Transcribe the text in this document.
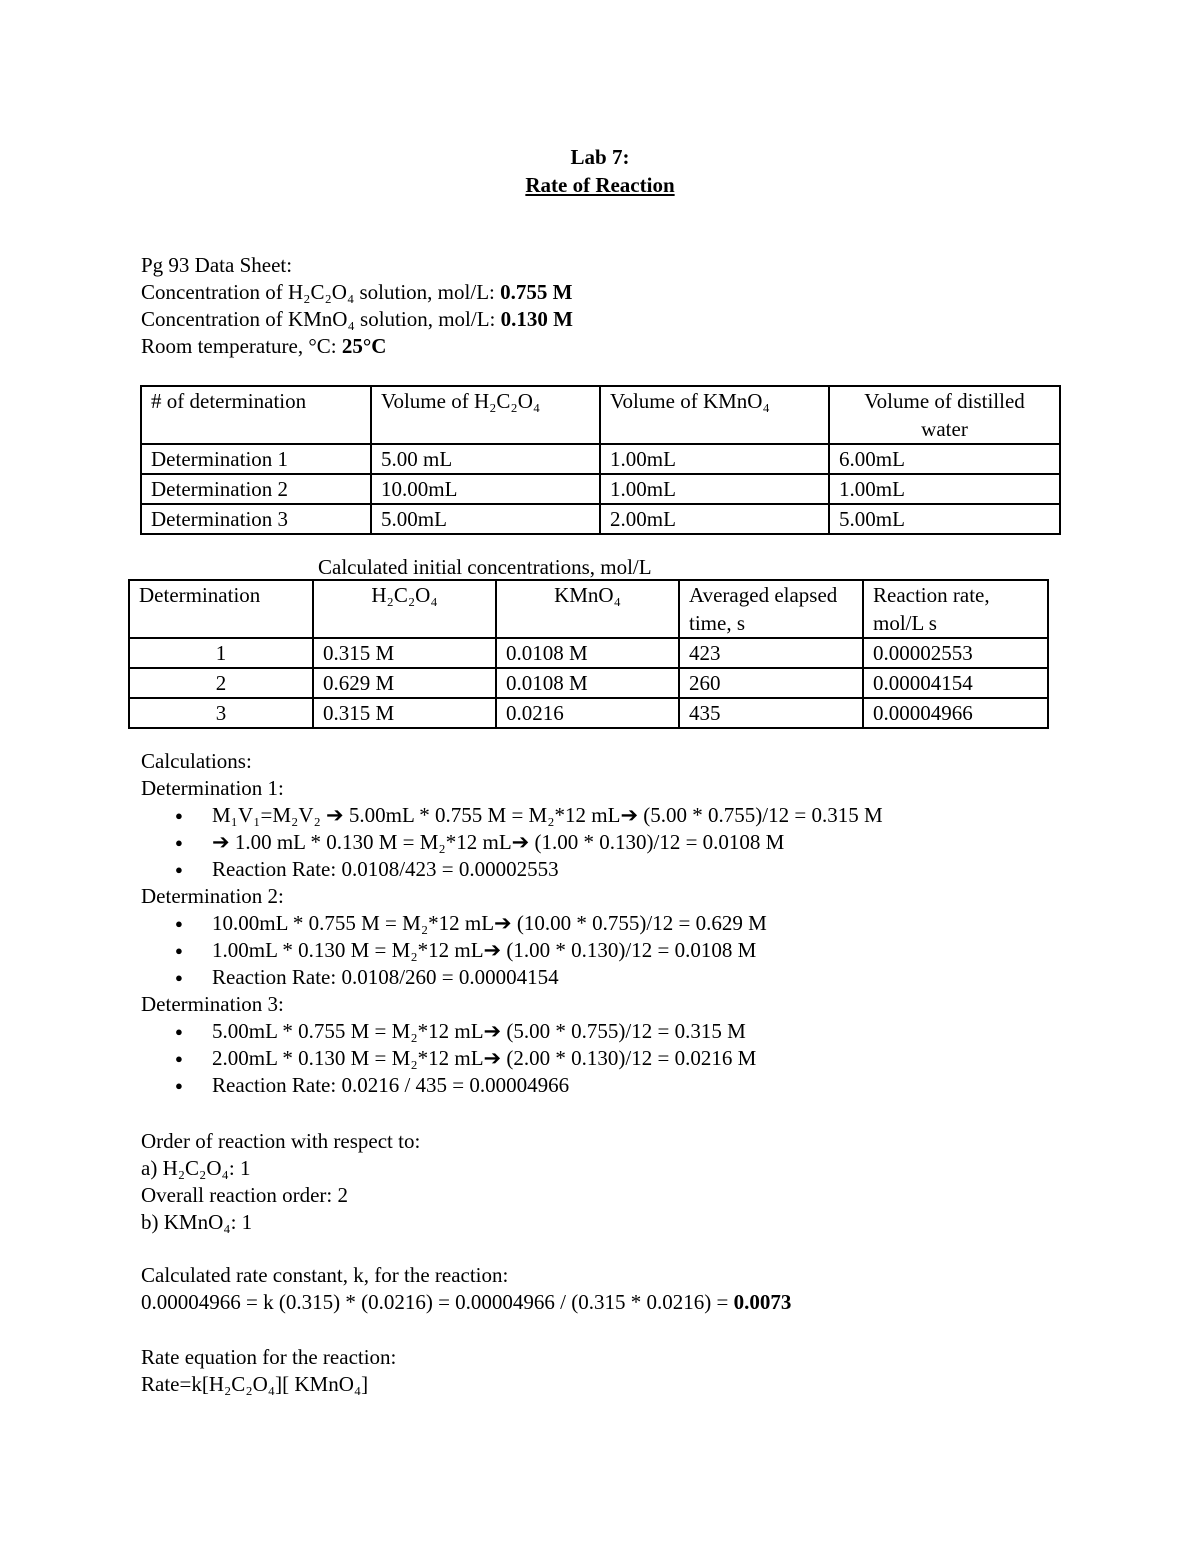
Lab 7:
Rate of Reaction
Pg 93 Data Sheet:
Concentration of H₂C₂O₄ solution, mol/L: 0.755 M
Concentration of KMnO₄ solution, mol/L: 0.130 M
Room temperature, °C: 25°C
# of determination	Volume of H₂C₂O₄	Volume of KMnO₄	Volume of distilled water
Determination 1	5.00 mL	1.00mL	6.00mL
Determination 2	10.00mL	1.00mL	1.00mL
Determination 3	5.00mL	2.00mL	5.00mL
Calculated initial concentrations, mol/L
Determination	H₂C₂O₄	KMnO₄	Averaged elapsed time, s	Reaction rate, mol/L s
1	0.315 M	0.0108 M	423	0.00002553
2	0.629 M	0.0108 M	260	0.00004154
3	0.315 M	0.0216	435	0.00004966
Calculations:
Determination 1:
● M₁V₁=M₂V₂ ➔ 5.00mL * 0.755 M = M₂*12 mL➔ (5.00 * 0.755)/12 = 0.315 M
● ➔ 1.00 mL * 0.130 M = M₂*12 mL➔ (1.00 * 0.130)/12 = 0.0108 M
● Reaction Rate: 0.0108/423 = 0.00002553
Determination 2:
● 10.00mL * 0.755 M = M₂*12 mL➔ (10.00 * 0.755)/12 = 0.629 M
● 1.00mL * 0.130 M = M₂*12 mL➔ (1.00 * 0.130)/12 = 0.0108 M
● Reaction Rate: 0.0108/260 = 0.00004154
Determination 3:
● 5.00mL * 0.755 M = M₂*12 mL➔ (5.00 * 0.755)/12 = 0.315 M
● 2.00mL * 0.130 M = M₂*12 mL➔ (2.00 * 0.130)/12 = 0.0216 M
● Reaction Rate: 0.0216 / 435 = 0.00004966
Order of reaction with respect to:
a) H₂C₂O₄: 1
Overall reaction order: 2
b) KMnO₄: 1
Calculated rate constant, k, for the reaction:
0.00004966 = k (0.315) * (0.0216) = 0.00004966 / (0.315 * 0.0216) = 0.0073
Rate equation for the reaction:
Rate=k[H₂C₂O₄][ KMnO₄]
